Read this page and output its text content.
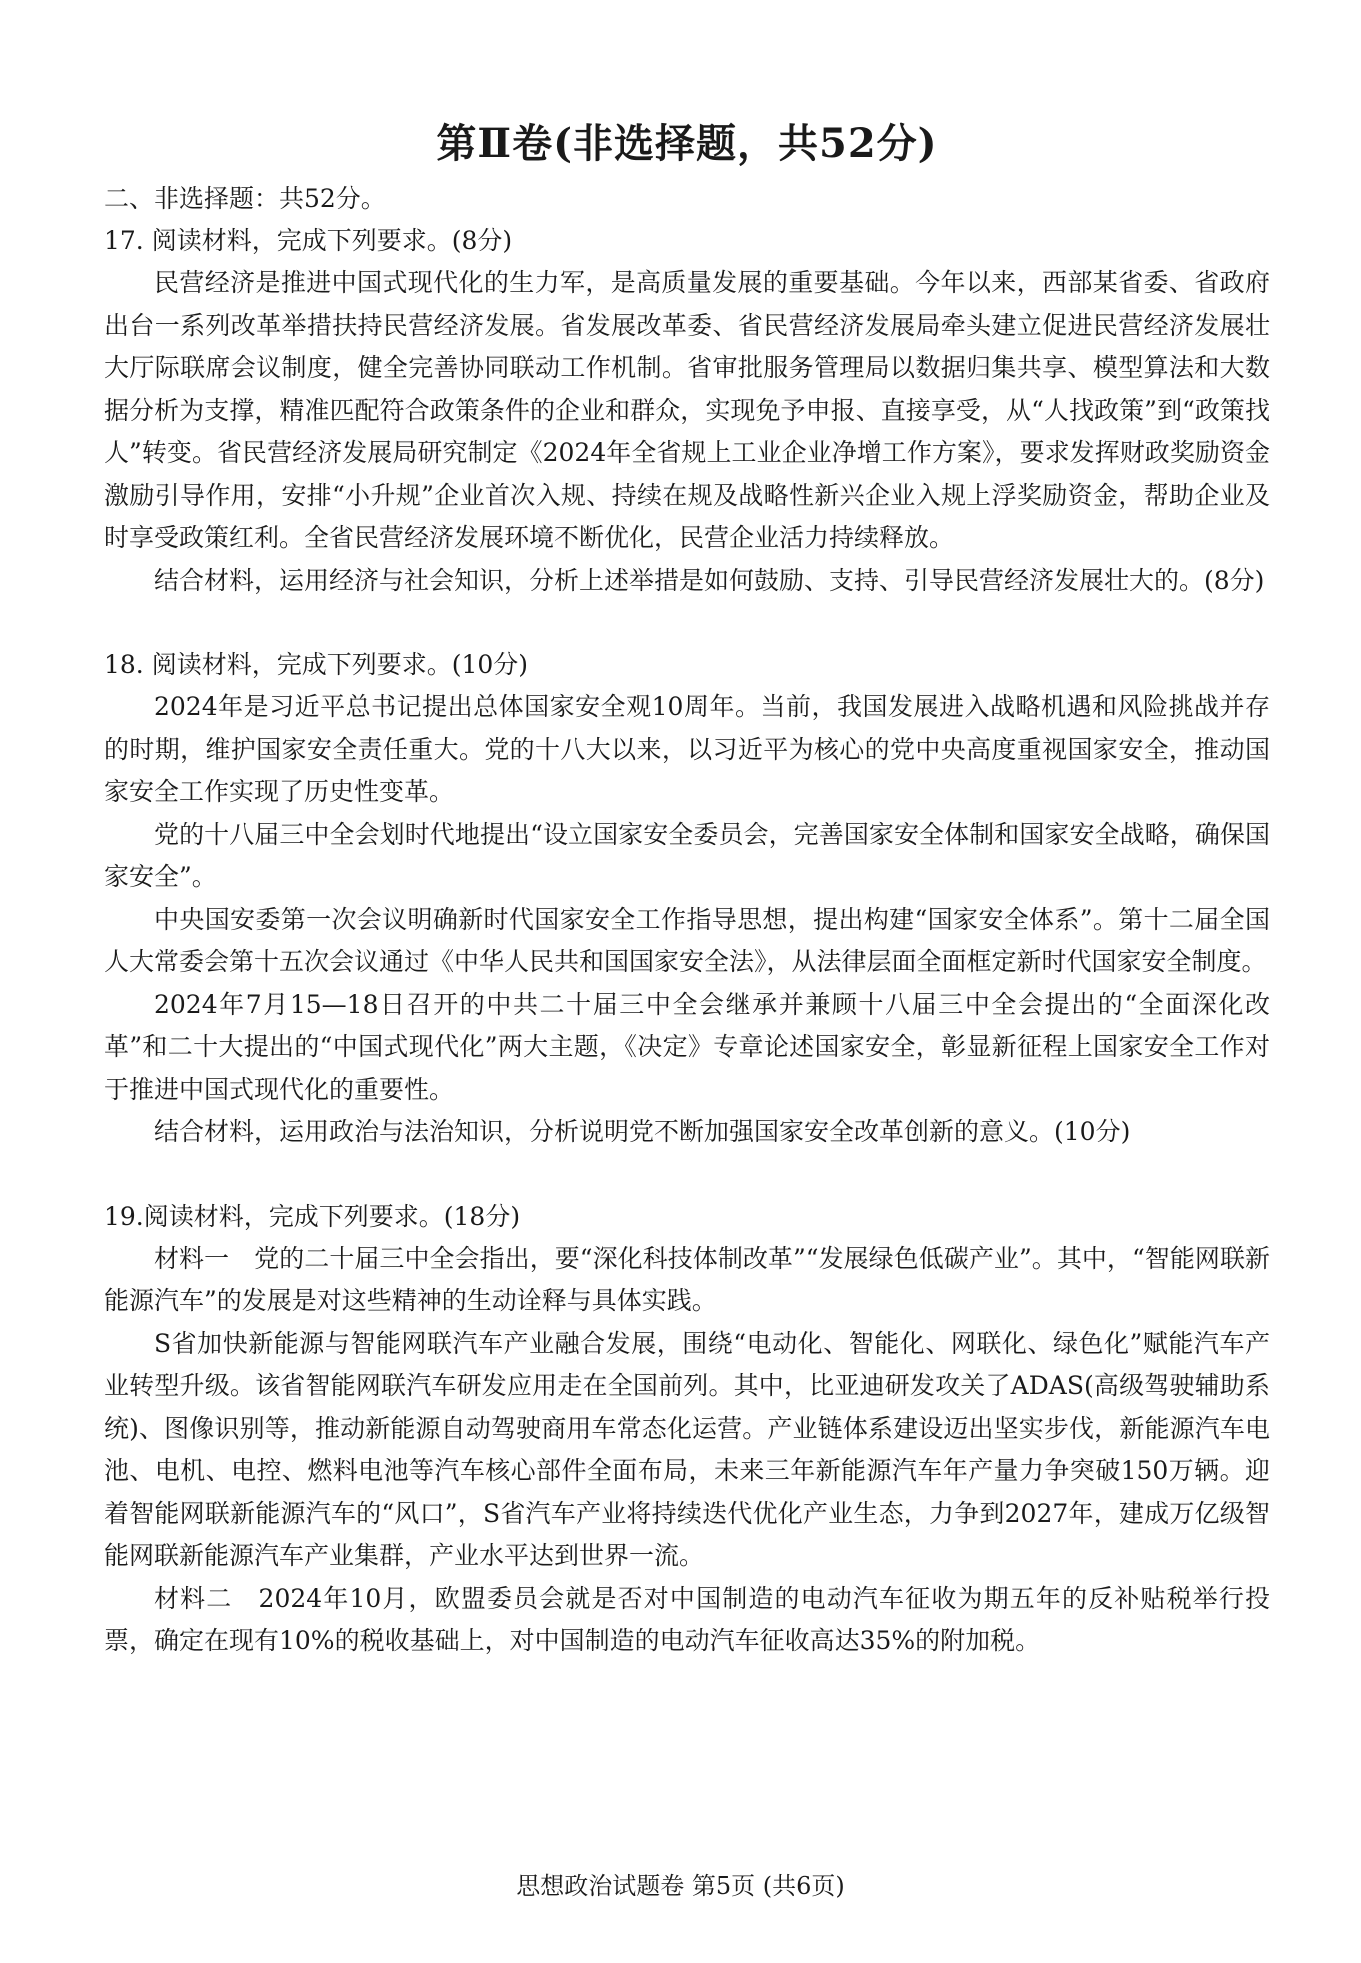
第Ⅱ卷(非选择题，共52分)

二、非选择题：共52分。

17. 阅读材料，完成下列要求。(8分)

民营经济是推进中国式现代化的生力军，是高质量发展的重要基础。今年以来，西部某省委、省政府出台一系列改革举措扶持民营经济发展。省发展改革委、省民营经济发展局牵头建立促进民营经济发展壮大厅际联席会议制度，健全完善协同联动工作机制。省审批服务管理局以数据归集共享、模型算法和大数据分析为支撑，精准匹配符合政策条件的企业和群众，实现免予申报、直接享受，从“人找政策”到“政策找人”转变。省民营经济发展局研究制定《2024年全省规上工业企业净增工作方案》，要求发挥财政奖励资金激励引导作用，安排“小升规”企业首次入规、持续在规及战略性新兴企业入规上浮奖励资金，帮助企业及时享受政策红利。全省民营经济发展环境不断优化，民营企业活力持续释放。

结合材料，运用经济与社会知识，分析上述举措是如何鼓励、支持、引导民营经济发展壮大的。(8分)

18. 阅读材料，完成下列要求。(10分)

2024年是习近平总书记提出总体国家安全观10周年。当前，我国发展进入战略机遇和风险挑战并存的时期，维护国家安全责任重大。党的十八大以来，以习近平为核心的党中央高度重视国家安全，推动国家安全工作实现了历史性变革。

党的十八届三中全会划时代地提出“设立国家安全委员会，完善国家安全体制和国家安全战略，确保国家安全”。

中央国安委第一次会议明确新时代国家安全工作指导思想，提出构建“国家安全体系”。第十二届全国人大常委会第十五次会议通过《中华人民共和国国家安全法》，从法律层面全面框定新时代国家安全制度。

2024年7月15—18日召开的中共二十届三中全会继承并兼顾十八届三中全会提出的“全面深化改革”和二十大提出的“中国式现代化”两大主题，《决定》专章论述国家安全，彰显新征程上国家安全工作对于推进中国式现代化的重要性。

结合材料，运用政治与法治知识，分析说明党不断加强国家安全改革创新的意义。(10分)

19.阅读材料，完成下列要求。(18分)

材料一　党的二十届三中全会指出，要“深化科技体制改革”“发展绿色低碳产业”。其中，“智能网联新能源汽车”的发展是对这些精神的生动诠释与具体实践。

S省加快新能源与智能网联汽车产业融合发展，围绕“电动化、智能化、网联化、绿色化”赋能汽车产业转型升级。该省智能网联汽车研发应用走在全国前列。其中，比亚迪研发攻关了ADAS(高级驾驶辅助系统)、图像识别等，推动新能源自动驾驶商用车常态化运营。产业链体系建设迈出坚实步伐，新能源汽车电池、电机、电控、燃料电池等汽车核心部件全面布局，未来三年新能源汽车年产量力争突破150万辆。迎着智能网联新能源汽车的“风口”，S省汽车产业将持续迭代优化产业生态，力争到2027年，建成万亿级智能网联新能源汽车产业集群，产业水平达到世界一流。

材料二　2024年10月，欧盟委员会就是否对中国制造的电动汽车征收为期五年的反补贴税举行投票，确定在现有10%的税收基础上，对中国制造的电动汽车征收高达35%的附加税。

思想政治试题卷 第5页 (共6页)
